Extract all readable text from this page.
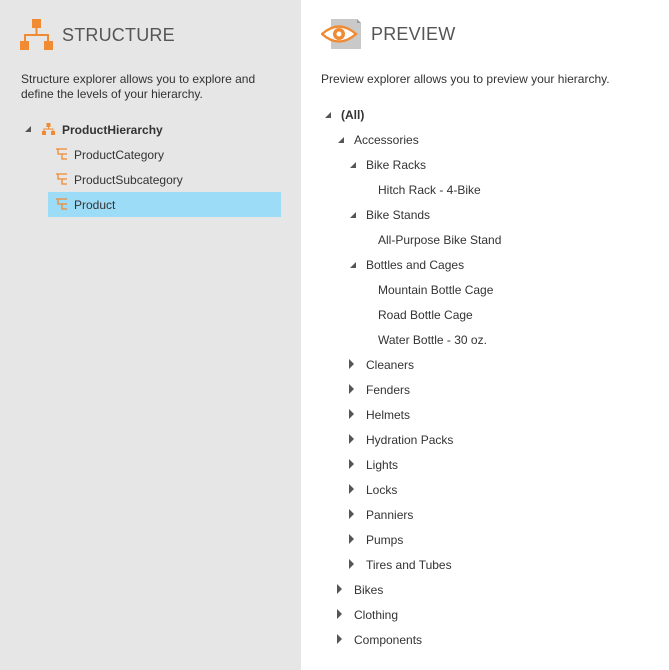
STRUCTURE
Structure explorer allows you to explore and
define the levels of your hierarchy.
ProductHierarchy
ProductCategory
ProductSubcategory
Product
PREVIEW
Preview explorer allows you to preview your hierarchy.
(All)
Accessories
Bike Racks
Hitch Rack - 4-Bike
Bike Stands
All-Purpose Bike Stand
Bottles and Cages
Mountain Bottle Cage
Road Bottle Cage
Water Bottle - 30 oz.
Cleaners
Fenders
Helmets
Hydration Packs
Lights
Locks
Panniers
Pumps
Tires and Tubes
Bikes
Clothing
Components
